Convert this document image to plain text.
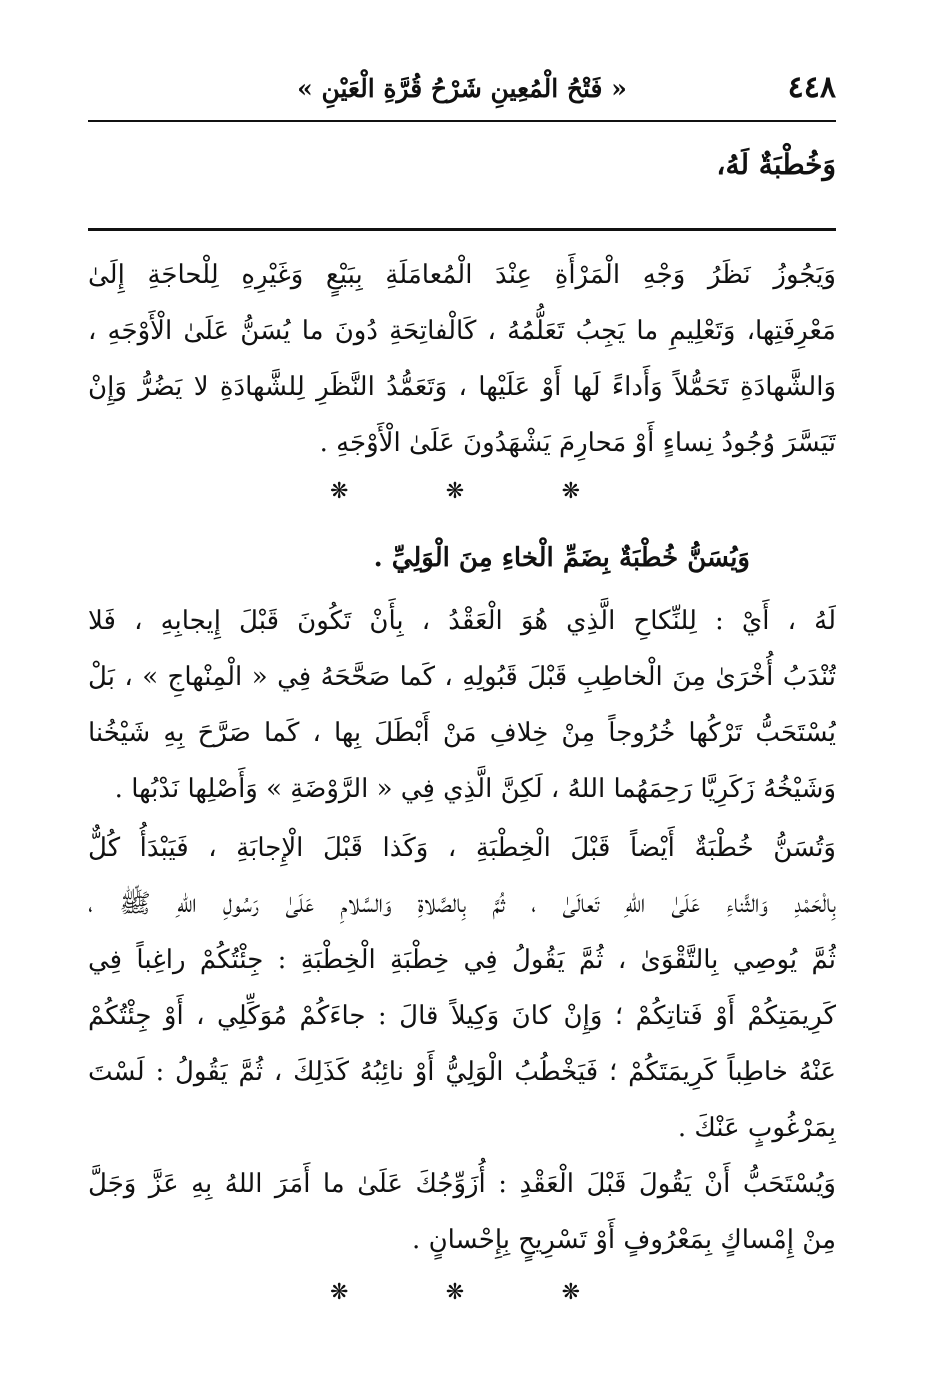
٤٤٨
« فَتْحُ الْمُعِينِ شَرْحُ قُرَّةِ الْعَيْنِ »
وَخُطْبَةٌ لَهُ،
وَيَجُوزُ نَظَرُ وَجْهِ الْمَرْأَةِ عِنْدَ الْمُعامَلَةِ بِبَيْعٍ وَغَيْرِهِ لِلْحاجَةِ إِلَىٰ
مَعْرِفَتِها، وَتَعْلِيمِ ما يَجِبُ تَعَلُّمُهُ ، كَالْفاتِحَةِ دُونَ ما يُسَنُّ عَلَىٰ الْأَوْجَهِ ،
وَالشَّهادَةِ تَحَمُّلاً وَأَداءً لَها أَوْ عَلَيْها ، وَتَعَمُّدُ النَّظَرِ لِلشَّهادَةِ لا يَضُرُّ وَإِنْ
تَيَسَّرَ وُجُودُ نِساءٍ أَوْ مَحارِمَ يَشْهَدُونَ عَلَىٰ الْأَوْجَهِ .
❋	❋	❋
وَيُسَنُّ خُطْبَةٌ بِضَمِّ الْخاءِ مِنَ الْوَلِيِّ .
لَهُ ، أَيْ : لِلنِّكاحِ الَّذِي هُوَ الْعَقْدُ ، بِأَنْ تَكُونَ قَبْلَ إِيجابِهِ ، فَلا
تُنْدَبُ أُخْرَىٰ مِنَ الْخاطِبِ قَبْلَ قَبُولِهِ ، كَما صَحَّحَهُ فِي « الْمِنْهاجِ » ، بَلْ
يُسْتَحَبُّ تَرْكُها خُرُوجاً مِنْ خِلافِ مَنْ أَبْطَلَ بِها ، كَما صَرَّحَ بِهِ شَيْخُنا
وَشَيْخُهُ زَكَرِيَّا رَحِمَهُما اللهُ ، لَكِنَّ الَّذِي فِي « الرَّوْضَةِ » وَأَصْلِها نَدْبُها .
وَتُسَنُّ خُطْبَةٌ أَيْضاً قَبْلَ الْخِطْبَةِ ، وَكَذا قَبْلَ الْإِجابَةِ ، فَيَبْدَأُ كُلٌّ
بِالْحَمْدِ وَالثَّناءِ عَلَىٰ اللهِ تَعالَىٰ ، ثُمَّ بِالصَّلاةِ وَالسَّلامِ عَلَىٰ رَسُولِ اللهِ ﷺ ،
ثُمَّ يُوصِي بِالتَّقْوَىٰ ، ثُمَّ يَقُولُ فِي خِطْبَةِ الْخِطْبَةِ : جِئْتُكُمْ راغِباً فِي
كَرِيمَتِكُمْ أَوْ فَتاتِكُمْ ؛ وَإِنْ كانَ وَكِيلاً قالَ : جاءَكُمْ مُوَكِّلِي ، أَوْ جِئْتُكُمْ
عَنْهُ خاطِباً كَرِيمَتَكُمْ ؛ فَيَخْطُبُ الْوَلِيُّ أَوْ نائِبُهُ كَذَلِكَ ، ثُمَّ يَقُولُ : لَسْتَ
بِمَرْغُوبٍ عَنْكَ .
وَيُسْتَحَبُّ أَنْ يَقُولَ قَبْلَ الْعَقْدِ : أُزَوِّجُكَ عَلَىٰ ما أَمَرَ اللهُ بِهِ عَزَّ وَجَلَّ
مِنْ إِمْساكٍ بِمَعْرُوفٍ أَوْ تَسْرِيحٍ بِإِحْسانٍ .
❋	❋	❋
